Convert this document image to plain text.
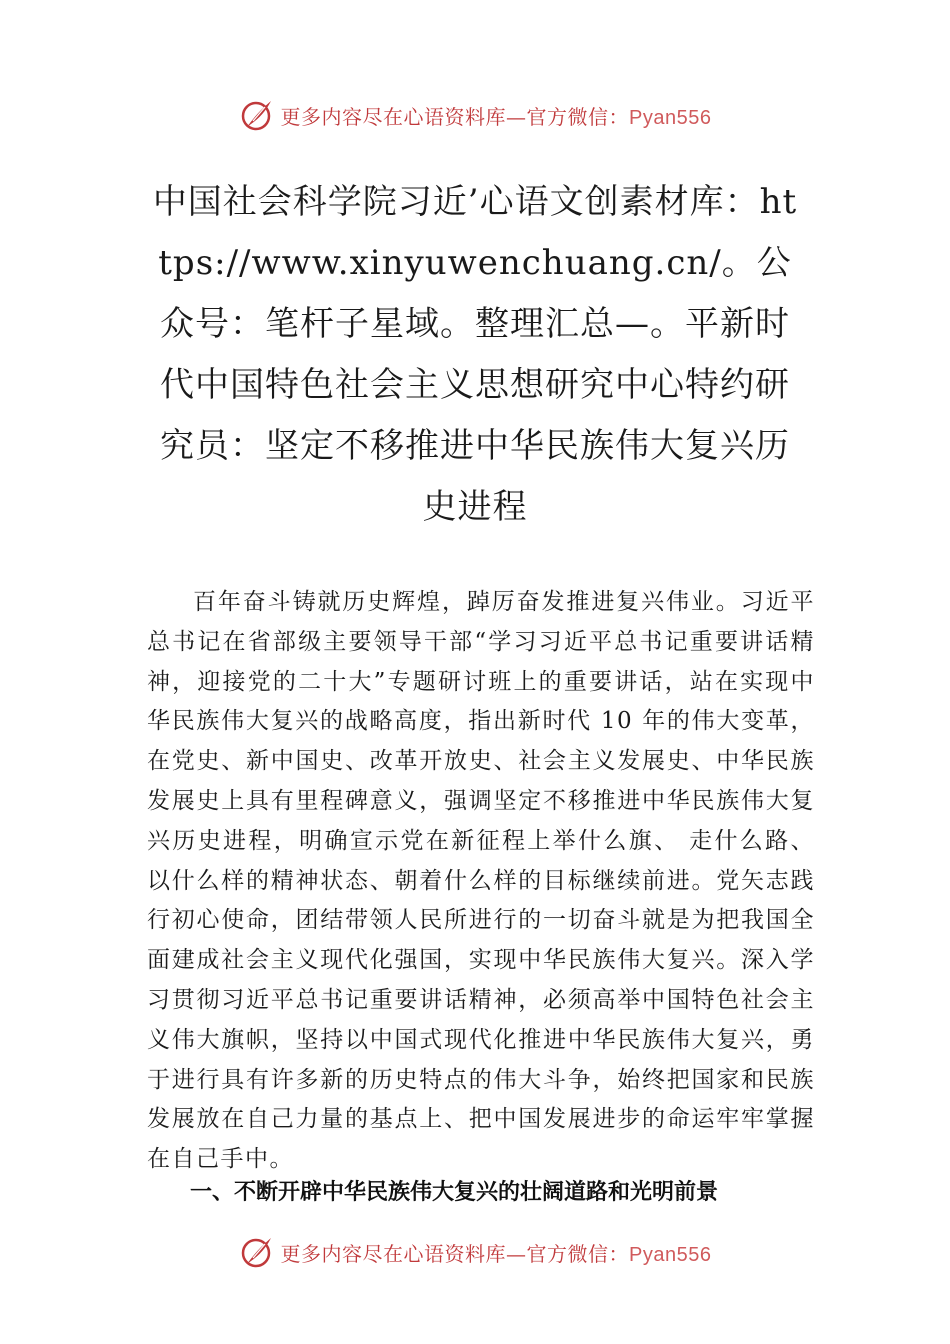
更多内容尽在心语资料库—官方微信：Pyan556
中国社会科学院习近’心语文创素材库：https://www.xinyuwenchuang.cn/。公众号：笔杆子星域。整理汇总—。平新时代中国特色社会主义思想研究中心特约研究员：坚定不移推进中华民族伟大复兴历史进程
百年奋斗铸就历史辉煌，踔厉奋发推进复兴伟业。习近平总书记在省部级主要领导干部“学习习近平总书记重要讲话精神，迎接党的二十大”专题研讨班上的重要讲话，站在实现中华民族伟大复兴的战略高度，指出新时代 10 年的伟大变革，在党史、新中国史、改革开放史、社会主义发展史、中华民族发展史上具有里程碑意义，强调坚定不移推进中华民族伟大复兴历史进程，明确宣示党在新征程上举什么旗、 走什么路、以什么样的精神状态、朝着什么样的目标继续前进。党矢志践行初心使命，团结带领人民所进行的一切奋斗就是为把我国全面建成社会主义现代化强国，实现中华民族伟大复兴。深入学习贯彻习近平总书记重要讲话精神，必须高举中国特色社会主义伟大旗帜，坚持以中国式现代化推进中华民族伟大复兴，勇于进行具有许多新的历史特点的伟大斗争，始终把国家和民族发展放在自己力量的基点上、把中国发展进步的命运牢牢掌握在自己手中。
一、不断开辟中华民族伟大复兴的壮阔道路和光明前景
更多内容尽在心语资料库—官方微信：Pyan556
